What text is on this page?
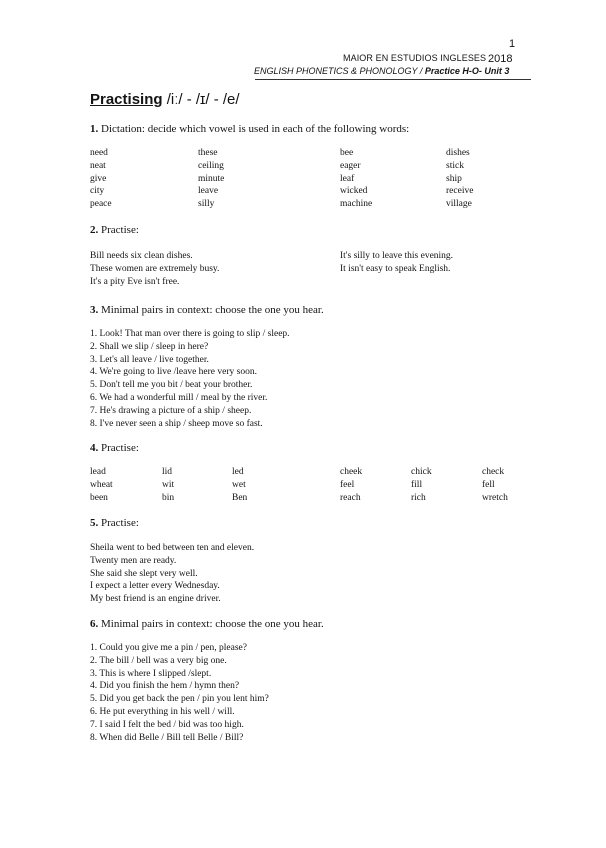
1
MAIOR EN ESTUDIOS INGLESES 2018
ENGLISH PHONETICS & PHONOLOGY / Practice H-O- Unit 3
Practising /iː/ - /ɪ/ - /e/
1. Dictation: decide which vowel is used in each of the following words:
need
neat
give
city
peace
these
ceiling
minute
leave
silly
bee
eager
leaf
wicked
machine
dishes
stick
ship
receive
village
2. Practise:
Bill needs six clean dishes.
These women are extremely busy.
It's a pity Eve isn't free.
It's silly to leave this evening.
It isn't easy to speak English.
3. Minimal pairs in context: choose the one you hear.
1. Look! That man over there is going to slip / sleep.
2. Shall we slip / sleep in here?
3. Let's all leave / live together.
4. We're going to live /leave here very soon.
5. Don't tell me you bit / beat your brother.
6. We had a wonderful mill / meal by the river.
7. He's drawing a picture of a ship / sheep.
8. I've never seen a ship / sheep move so fast.
4. Practise:
lead
wheat
been
lid
wit
bin
led
wet
Ben
cheek
feel
reach
chick
fill
rich
check
fell
wretch
5. Practise:
Sheila went to bed between ten and eleven.
Twenty men are ready.
She said she slept very well.
I expect a letter every Wednesday.
My best friend is an engine driver.
6. Minimal pairs in context: choose the one you hear.
1. Could you give me a pin / pen, please?
2. The bill / bell was a very big one.
3. This is where I slipped /slept.
4. Did you finish the hem / hymn then?
5. Did you get back the pen / pin you lent him?
6. He put everything in his well / will.
7. I said I felt the bed / bid was too high.
8. When did Belle / Bill tell Belle / Bill?
